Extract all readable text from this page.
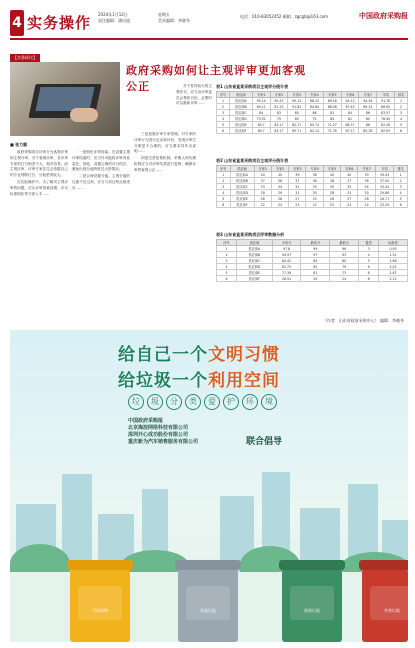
4 实务操作 2024年1月12日
责任编辑：潘启迪
星期五
美术编辑：李晓冬
电话：010-83052452 邮箱：zgcgb@163.com	中国政府采购报
【实务探讨】
政府采购如何让主观评审更加客观公正
■ 张力毅

政府采购项目评审分为客观评审和主观评审。对于客观评审，各评审专家的打分相差不大，相对容易；而主观评审，评审专家往往会依据自己的专业判断打分，分值差别较大。

在实际操作中，为了解决主观评审的问题，应从评审因素设置、评分标准细化等方面入手……

一是细化评审因素。在设置主观评审因素时，应当尽可能将评审内容量化、细化，设置合理的评分档次，避免出现分值跨度过大的情况。

二是合理设置分值。主观分值的比重不宜过高，应当与项目特点相适应……

三是加强评审专家管理。对专家的评审行为进行记录和评价，发现评审打分明显不合理的，应当要求其作出说明……

四是完善复核机制。采购人和代理机构应当对评审结果进行复核，确保评审的客观公正……

对于差异较大的主观评分，应当由评审委员会集体讨论，必要时可以重新评审……

表1 山东省直某采购项目主观评分统计表
序号	供应商	专家1	专家2	专家3	专家4	专家5	专家6	专家7	平均	排名
1	供应商A	95.14	95.32	95.12	88.12	89.16	94.12	94.26	91.76	1
2	供应商B	89.12	81.25	91.81	80.84	88.06	87.45	89.24	86.92	2
3	供应商C	84	83	80	86	82	84	86	83.57	3
4	供应商D	73.32	79	80	75	84	81	80	78.90	4
5	供应商E	85.7	83.17	82.17	80.74	71.27	88.37	86	82.49	5
6	供应商F	85.7	83.17	85.71	82.14	71.35	87.17	85.28	82.93	6
表2 山东省直某采购项目主观评分统计表
序号	供应商	专家1	专家2	专家3	专家4	专家5	专家6	专家7	平均	排名
1	供应商A	40	40	39	38	40	40	39	39.43	1
2	供应商B	37	38	37	36	38	37	36	37.00	2
3	供应商C	33	34	32	33	35	33	34	33.43	3
4	供应商D	30	29	31	30	28	31	30	29.86	4
5	供应商E	26	28	27	25	26	27	28	26.71	5
6	供应商F	22	24	23	22	25	23	24	23.29	6
表3 山东省直某采购项目评审数据分析
序号	供应商	平均分	最高分	最低分	极差	标准差
1	供应商A	97.8	99	96	3	0.95
2	供应商B	94.97	97	93	4	1.31
3	供应商C	82.42	85	80	5	1.66
4	供应商D	81.75	85	79	6	2.01
5	供应商E	77.38	81	73	8	2.67
6	供应商F	26.91	30	24	6	2.12
（作者：山东省政府采购中心） 编辑：李晓冬
给自己一个文明习惯
给垃圾一个利用空间
垃	圾	分	类	爱	护	环	境
中国政府采购报
北京海淀网络科技有限公司
深圳开心成功股份有限公司
重庆新为汽车销售服务有限公司	联合倡导
可回收物	其他垃圾	厨余垃圾	有害垃圾
